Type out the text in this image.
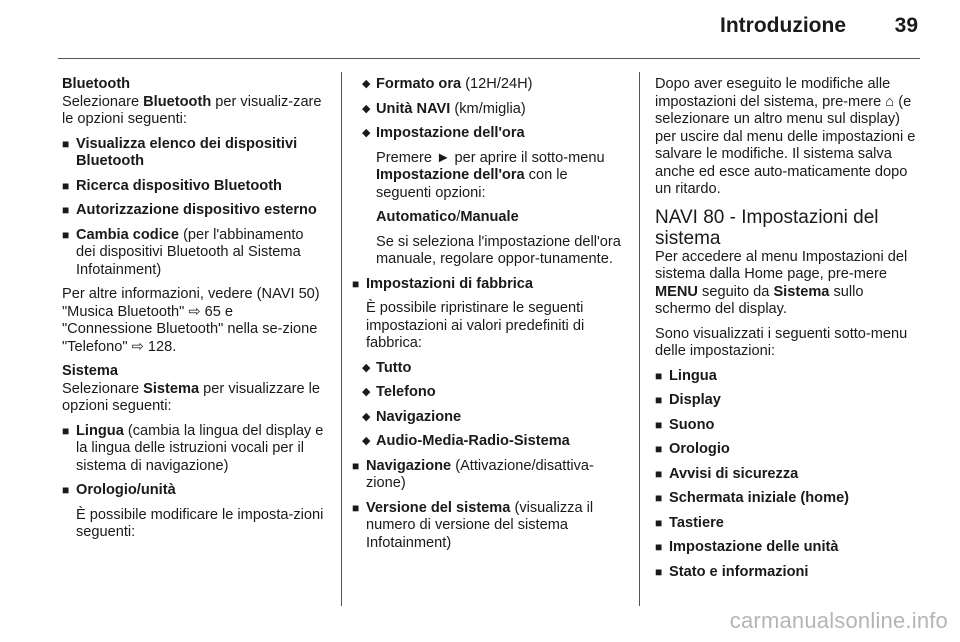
Introduzione	39

Bluetooth

Selezionare Bluetooth per visualiz-zare le opzioni seguenti:

■ Visualizza elenco dei dispositivi Bluetooth
■ Ricerca dispositivo Bluetooth
■ Autorizzazione dispositivo esterno
■ Cambia codice (per l'abbinamento dei dispositivi Bluetooth al Sistema Infotainment)

Per altre informazioni, vedere (NAVI 50) "Musica Bluetooth" ⇨ 65 e "Connessione Bluetooth" nella se-zione "Telefono" ⇨ 128.

Sistema

Selezionare Sistema per visualizzare le opzioni seguenti:

■ Lingua (cambia la lingua del display e la lingua delle istruzioni vocali per il sistema di navigazione)
■ Orologio/unità

È possibile modificare le imposta-zioni seguenti:

◆ Formato ora (12H/24H)
◆ Unità NAVI (km/miglia)
◆ Impostazione dell'ora

Premere ► per aprire il sotto-menu Impostazione dell'ora con le seguenti opzioni:

Automatico/Manuale

Se si seleziona l'impostazione dell'ora manuale, regolare oppor-tunamente.

■ Impostazioni di fabbrica

È possibile ripristinare le seguenti impostazioni ai valori predefiniti di fabbrica:

◆ Tutto
◆ Telefono
◆ Navigazione
◆ Audio-Media-Radio-Sistema
■ Navigazione (Attivazione/disattiva-zione)
■ Versione del sistema (visualizza il numero di versione del sistema Infotainment)

Dopo aver eseguito le modifiche alle impostazioni del sistema, pre-mere ⌂ (e selezionare un altro menu sul display) per uscire dal menu delle impostazioni e salvare le modifiche. Il sistema salva anche ed esce auto-maticamente dopo un ritardo.

NAVI 80 - Impostazioni del sistema

Per accedere al menu Impostazioni del sistema dalla Home page, pre-mere MENU seguito da Sistema sullo schermo del display.

Sono visualizzati i seguenti sotto-menu delle impostazioni:

■ Lingua
■ Display
■ Suono
■ Orologio
■ Avvisi di sicurezza
■ Schermata iniziale (home)
■ Tastiere
■ Impostazione delle unità
■ Stato e informazioni
carmanualsonline.info
